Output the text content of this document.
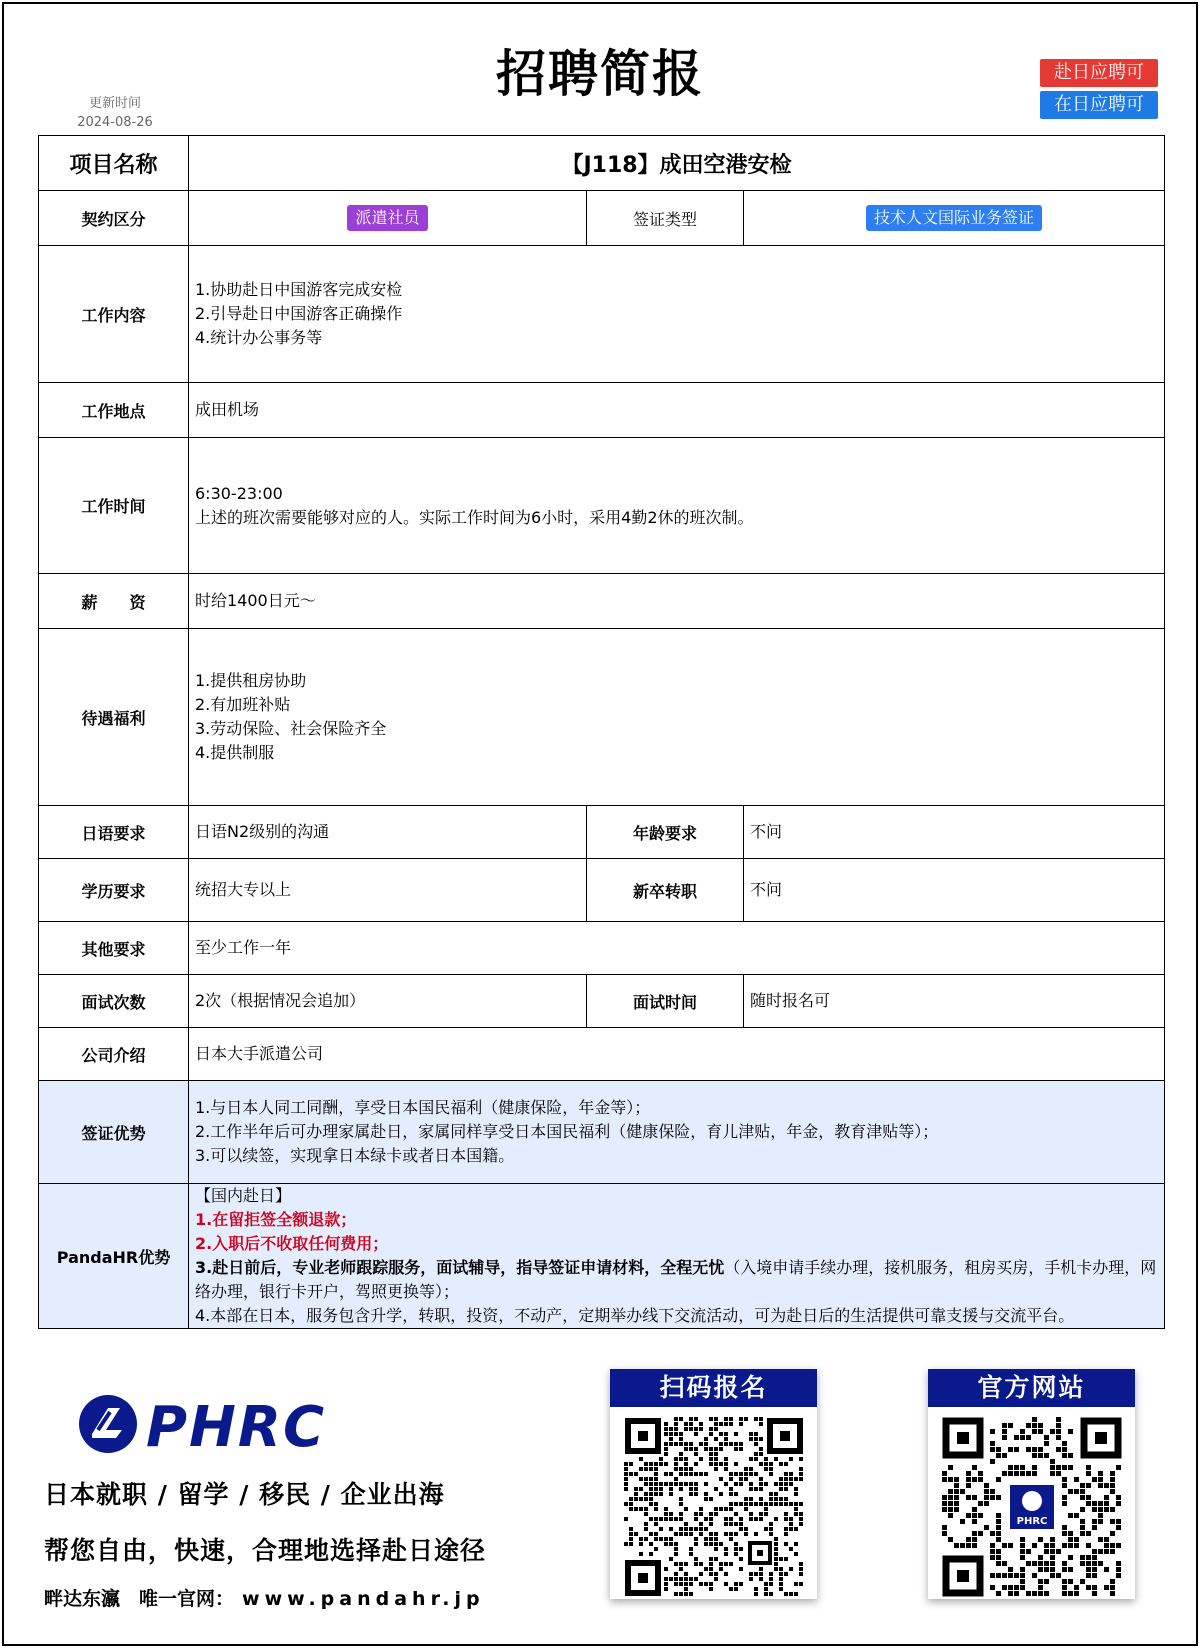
招聘简报
更新时间
2024-08-26
赴日应聘可
在日应聘可
项目名称	【J118】成田空港安检		
契约区分	派遣社员	签证类型	技术人文国际业务签证
工作内容	1.协助赴日中国游客完成安检
2.引导赴日中国游客正确操作
4.统计办公事务等		

工作地点	成田机场		
工作时间	6:30-23:00
上述的班次需要能够对应的人。实际工作时间为6小时，采用4勤2休的班次制。		

薪　　资	时给1400日元～		
待遇福利	1.提供租房协助
2.有加班补贴
3.劳动保险、社会保险齐全
4.提供制服		

日语要求	日语N2级别的沟通	年龄要求	不问
学历要求	统招大专以上	新卒转职	不问
其他要求	至少工作一年		
面试次数	2次（根据情况会追加）	面试时间	随时报名可
公司介绍	日本大手派遣公司		
签证优势	1.与日本人同工同酬，享受日本国民福利（健康保险，年金等）；
2.工作半年后可办理家属赴日，家属同样享受日本国民福利（健康保险，育儿津贴，年金，教育津贴等）；
3.可以续签，实现拿日本绿卡或者日本国籍。		

PandaHR优势	【国内赴日】
1.在留拒签全额退款；
2.入职后不收取任何费用；
3.赴日前后，专业老师跟踪服务，面试辅导，指导签证申请材料，全程无忧（入境申请手续办理，接机服务，租房买房，手机卡办理，网络办理，银行卡开户，驾照更换等）；
4.本部在日本，服务包含升学，转职，投资，不动产，定期举办线下交流活动，可为赴日后的生活提供可靠支援与交流平台。		
PHRC
日本就职 / 留学 / 移民 / 企业出海
帮您自由，快速，合理地选择赴日途径
畔达东瀛　唯一官网： www.pandahr.jp
扫码报名	官方网站
PHRC
